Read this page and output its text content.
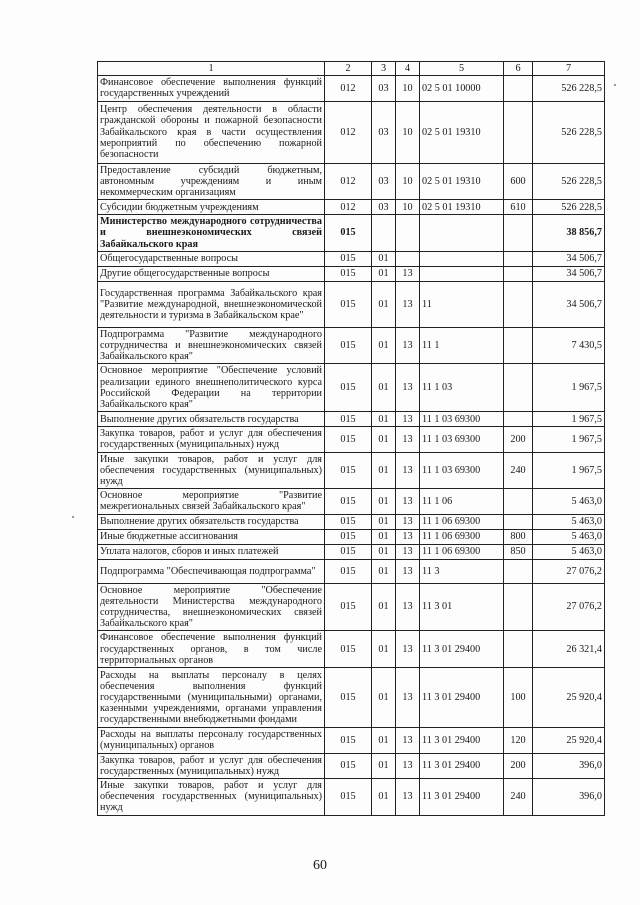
1	2	3	4	5	6	7
Финансовое обеспечение выполнения функций государственных учреждений	012	03	10	02 5 01 10000		526 228,5
Центр обеспечения деятельности в области гражданской обороны и пожарной безопасности Забайкальского края в части осуществления мероприятий по обеспечению пожарной безопасности	012	03	10	02 5 01 19310		526 228,5
Предоставление субсидий бюджетным, автономным учреждениям и иным некоммерческим организациям	012	03	10	02 5 01 19310	600	526 228,5
Субсидии бюджетным учреждениям	012	03	10	02 5 01 19310	610	526 228,5
Министерство международного сотрудничества и внешнеэкономических связей Забайкальского края	015					38 856,7
Общегосударственные вопросы	015	01				34 506,7
Другие общегосударственные вопросы	015	01	13			34 506,7
Государственная программа Забайкальского края "Развитие международной, внешнеэкономической деятельности и туризма в Забайкальском крае"	015	01	13	11		34 506,7
Подпрограмма "Развитие международного сотрудничества и внешнеэкономических связей Забайкальского края"	015	01	13	11 1		7 430,5
Основное мероприятие "Обеспечение условий реализации единого внешнеполитического курса Российской Федерации на территории Забайкальского края"	015	01	13	11 1 03		1 967,5
Выполнение других обязательств государства	015	01	13	11 1 03 69300		1 967,5
Закупка товаров, работ и услуг для обеспечения государственных (муниципальных) нужд	015	01	13	11 1 03 69300	200	1 967,5
Иные закупки товаров, работ и услуг для обеспечения государственных (муниципальных) нужд	015	01	13	11 1 03 69300	240	1 967,5
Основное мероприятие "Развитие межрегиональных связей Забайкальского края"	015	01	13	11 1 06		5 463,0
Выполнение других обязательств государства	015	01	13	11 1 06 69300		5 463,0
Иные бюджетные ассигнования	015	01	13	11 1 06 69300	800	5 463,0
Уплата налогов, сборов и иных платежей	015	01	13	11 1 06 69300	850	5 463,0
Подпрограмма "Обеспечивающая подпрограмма"	015	01	13	11 3		27 076,2
Основное мероприятие "Обеспечение деятельности Министерства международного сотрудничества, внешнеэкономических связей Забайкальского края"	015	01	13	11 3 01		27 076,2
Финансовое обеспечение выполнения функций государственных органов, в том числе территориальных органов	015	01	13	11 3 01 29400		26 321,4
Расходы на выплаты персоналу в целях обеспечения выполнения функций государственными (муниципальными) органами, казенными учреждениями, органами управления государственными внебюджетными фондами	015	01	13	11 3 01 29400	100	25 920,4
Расходы на выплаты персоналу государственных (муниципальных) органов	015	01	13	11 3 01 29400	120	25 920,4
Закупка товаров, работ и услуг для обеспечения государственных (муниципальных) нужд	015	01	13	11 3 01 29400	200	396,0
Иные закупки товаров, работ и услуг для обеспечения государственных (муниципальных) нужд	015	01	13	11 3 01 29400	240	396,0
60
